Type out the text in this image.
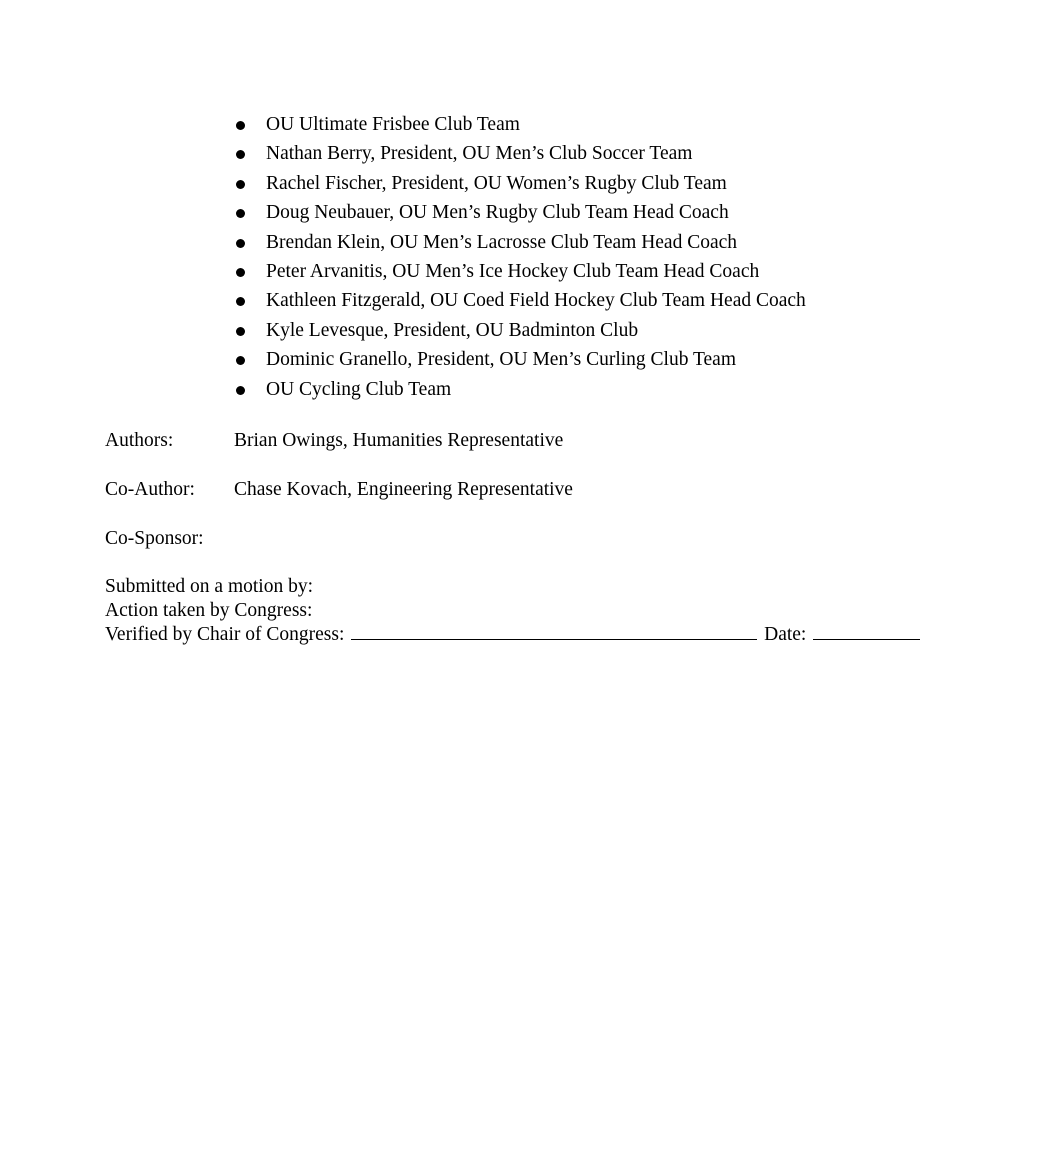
OU Ultimate Frisbee Club Team
Nathan Berry, President, OU Men’s Club Soccer Team
Rachel Fischer, President, OU Women’s Rugby Club Team
Doug Neubauer, OU Men’s Rugby Club Team Head Coach
Brendan Klein, OU Men’s Lacrosse Club Team Head Coach
Peter Arvanitis, OU Men’s Ice Hockey Club Team Head Coach
Kathleen Fitzgerald, OU Coed Field Hockey Club Team Head Coach
Kyle Levesque, President, OU Badminton Club
Dominic Granello, President, OU Men’s Curling Club Team
OU Cycling Club Team
Authors:	Brian Owings, Humanities Representative
Co-Author: Chase Kovach, Engineering Representative
Co-Sponsor:
Submitted on a motion by:
Action taken by Congress:
Verified by Chair of Congress:	Date:
